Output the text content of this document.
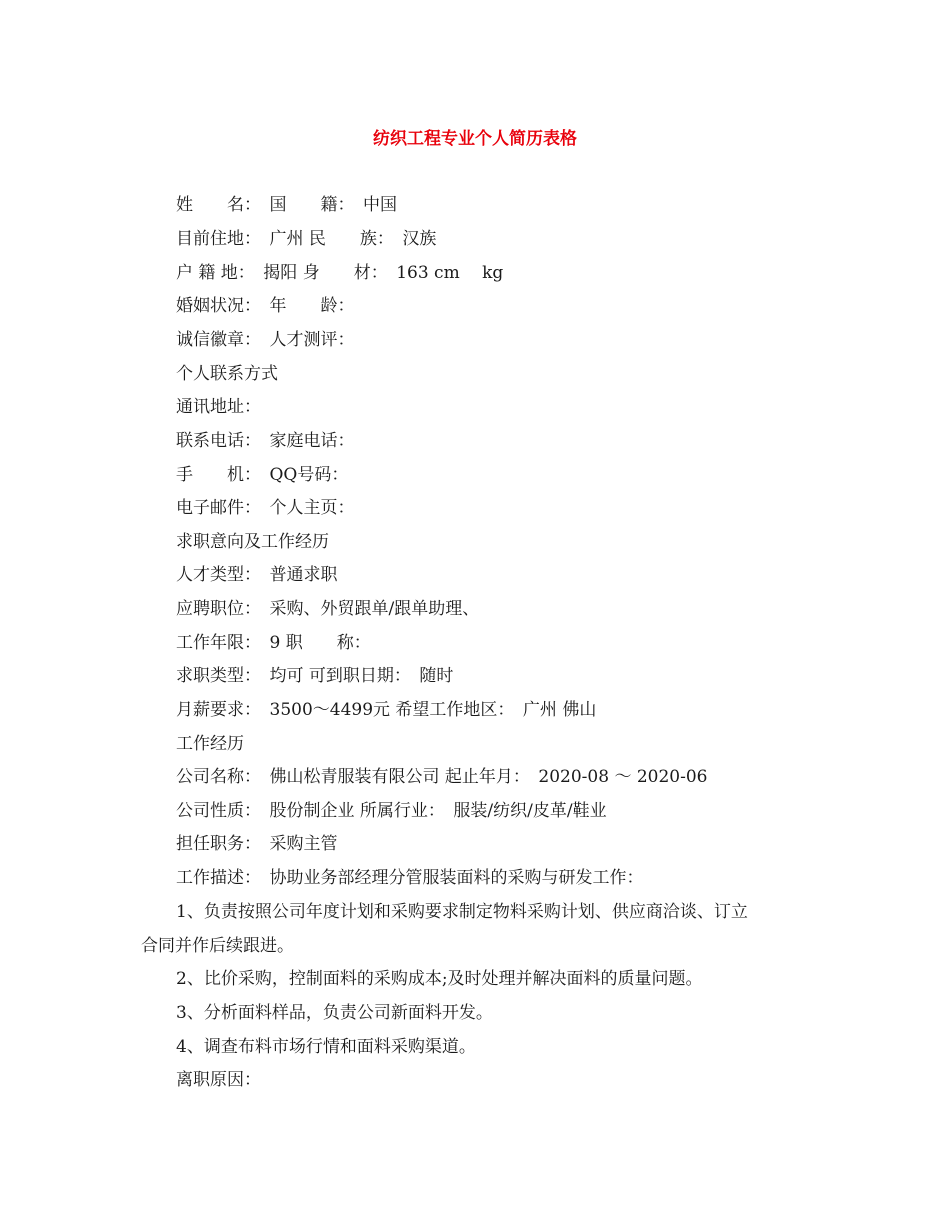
纺织工程专业个人简历表格
姓　　名：　国　　籍：　中国
目前住地：　广州 民　　族：　汉族
户 籍 地：　揭阳 身　　材：　163 cm　 kg
婚姻状况：　年　　龄：
诚信徽章：　人才测评：
个人联系方式
通讯地址：
联系电话：　家庭电话：
手　　机：　QQ号码：
电子邮件：　个人主页：
求职意向及工作经历
人才类型：　普通求职
应聘职位：　采购、外贸跟单/跟单助理、
工作年限：　9 职　　称：
求职类型：　均可 可到职日期：　随时
月薪要求：　3500～4499元 希望工作地区：　广州 佛山
工作经历
公司名称：　佛山松青服装有限公司 起止年月：　2020-08 ～ 2020-06
公司性质：　股份制企业 所属行业：　服装/纺织/皮革/鞋业
担任职务：　采购主管
工作描述：　协助业务部经理分管服装面料的采购与研发工作：
1、负责按照公司年度计划和采购要求制定物料采购计划、供应商洽谈、订立
合同并作后续跟进。
2、比价采购，控制面料的采购成本;及时处理并解决面料的质量问题。
3、分析面料样品，负责公司新面料开发。
4、调查布料市场行情和面料采购渠道。
离职原因：
